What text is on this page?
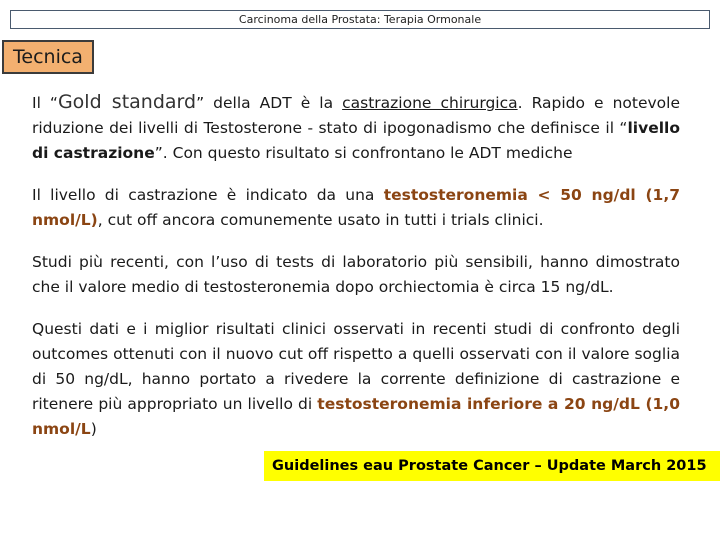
Carcinoma della Prostata: Terapia Ormonale
Tecnica

Il “Gold standard” della ADT è la castrazione chirurgica. Rapido e notevole riduzione dei livelli di Testosterone - stato di ipogonadismo che definisce il “livello di castrazione”. Con questo risultato si confrontano le ADT mediche

Il livello di castrazione è indicato da una testosteronemia < 50 ng/dl (1,7 nmol/L), cut off ancora comunemente usato in tutti i trials clinici.

Studi più recenti, con l’uso di tests di laboratorio più sensibili, hanno dimostrato che il valore medio di testosteronemia dopo orchiectomia è circa 15 ng/dL.

Questi dati e i miglior risultati clinici osservati in recenti studi di confronto degli outcomes ottenuti con il nuovo cut off rispetto a quelli osservati con il valore soglia di 50 ng/dL, hanno portato a rivedere la corrente definizione di castrazione e ritenere più appropriato un livello di testosteronemia inferiore a 20 ng/dL (1,0 nmol/L)

Guidelines eau Prostate Cancer – Update March 2015
